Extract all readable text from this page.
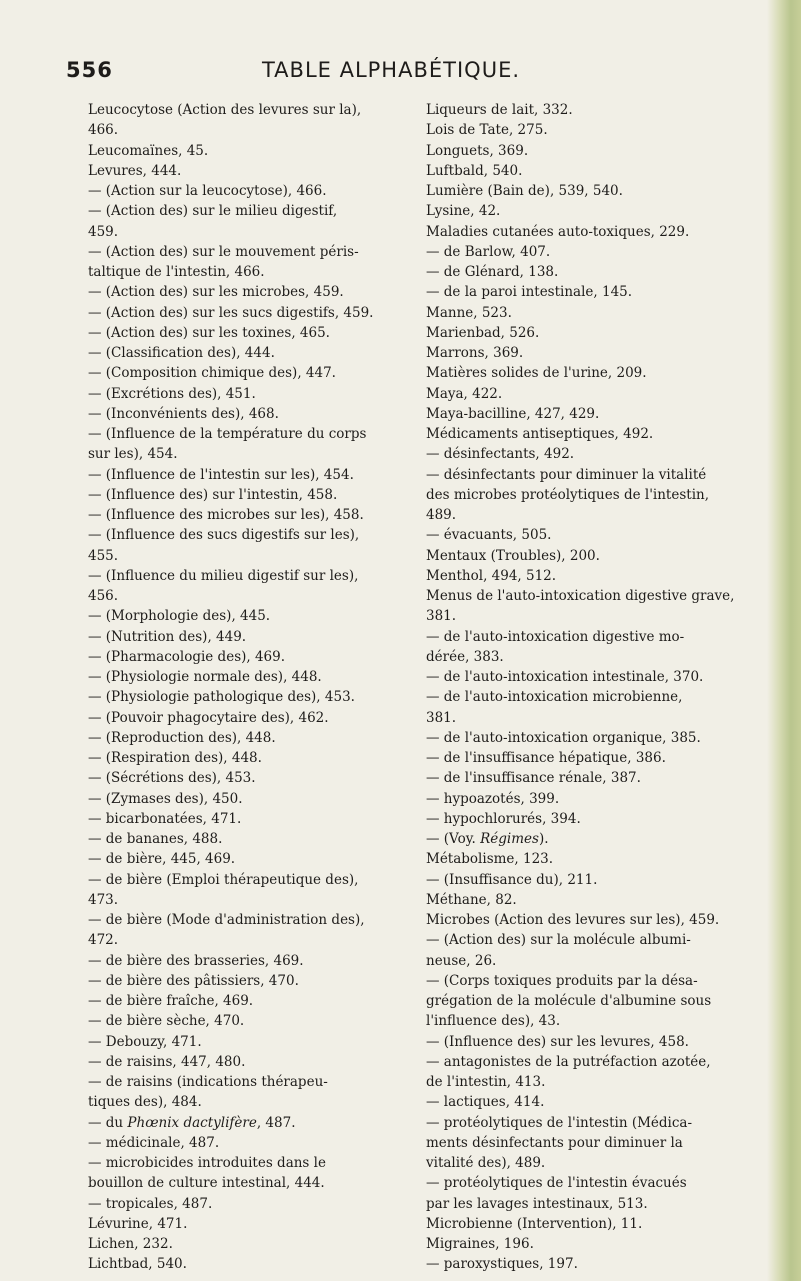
556	TABLE ALPHABÉTIQUE.

Leucocytose (Action des levures sur la),

466.

Leucomaïnes, 45.

Levures, 444.

— (Action sur la leucocytose), 466.

— (Action des) sur le milieu digestif,

459.

— (Action des) sur le mouvement péris-

taltique de l'intestin, 466.

— (Action des) sur les microbes, 459.

— (Action des) sur les sucs digestifs, 459.

— (Action des) sur les toxines, 465.

— (Classification des), 444.

— (Composition chimique des), 447.

— (Excrétions des), 451.

— (Inconvénients des), 468.

— (Influence de la température du corps

sur les), 454.

— (Influence de l'intestin sur les), 454.

— (Influence des) sur l'intestin, 458.

— (Influence des microbes sur les), 458.

— (Influence des sucs digestifs sur les),

455.

— (Influence du milieu digestif sur les),

456.

— (Morphologie des), 445.

— (Nutrition des), 449.

— (Pharmacologie des), 469.

— (Physiologie normale des), 448.

— (Physiologie pathologique des), 453.

— (Pouvoir phagocytaire des), 462.

— (Reproduction des), 448.

— (Respiration des), 448.

— (Sécrétions des), 453.

— (Zymases des), 450.

— bicarbonatées, 471.

— de bananes, 488.

— de bière, 445, 469.

— de bière (Emploi thérapeutique des),

473.

— de bière (Mode d'administration des),

472.

— de bière des brasseries, 469.

— de bière des pâtissiers, 470.

— de bière fraîche, 469.

— de bière sèche, 470.

— Debouzy, 471.

— de raisins, 447, 480.

— de raisins (indications thérapeu-

tiques des), 484.

— du Phœnix dactylifère, 487.

— médicinale, 487.

— microbicides introduites dans le

bouillon de culture intestinal, 444.

— tropicales, 487.

Lévurine, 471.

Lichen, 232.

Lichtbad, 540.

Liqueurs de lait, 332.

Lois de Tate, 275.

Longuets, 369.

Luftbald, 540.

Lumière (Bain de), 539, 540.

Lysine, 42.

Maladies cutanées auto-toxiques, 229.

— de Barlow, 407.

— de Glénard, 138.

— de la paroi intestinale, 145.

Manne, 523.

Marienbad, 526.

Marrons, 369.

Matières solides de l'urine, 209.

Maya, 422.

Maya-bacilline, 427, 429.

Médicaments antiseptiques, 492.

— désinfectants, 492.

— désinfectants pour diminuer la vitalité

des microbes protéolytiques de l'intestin,

489.

— évacuants, 505.

Mentaux (Troubles), 200.

Menthol, 494, 512.

Menus de l'auto-intoxication digestive grave,

381.

— de l'auto-intoxication digestive mo-

dérée, 383.

— de l'auto-intoxication intestinale, 370.

— de l'auto-intoxication microbienne,

381.

— de l'auto-intoxication organique, 385.

— de l'insuffisance hépatique, 386.

— de l'insuffisance rénale, 387.

— hypoazotés, 399.

— hypochlorurés, 394.

— (Voy. Régimes).

Métabolisme, 123.

— (Insuffisance du), 211.

Méthane, 82.

Microbes (Action des levures sur les), 459.

— (Action des) sur la molécule albumi-

neuse, 26.

— (Corps toxiques produits par la désa-

grégation de la molécule d'albumine sous

l'influence des), 43.

— (Influence des) sur les levures, 458.

— antagonistes de la putréfaction azotée,

de l'intestin, 413.

— lactiques, 414.

— protéolytiques de l'intestin (Médica-

ments désinfectants pour diminuer la

vitalité des), 489.

— protéolytiques de l'intestin évacués

par les lavages intestinaux, 513.

Microbienne (Intervention), 11.

Migraines, 196.

— paroxystiques, 197.
